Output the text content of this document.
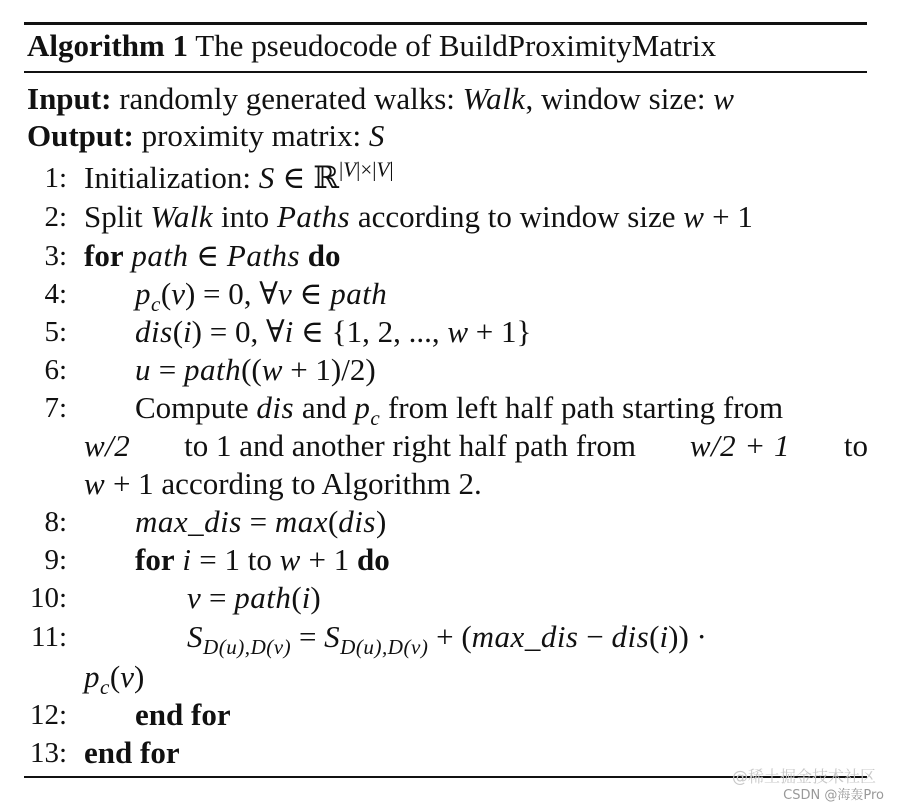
Algorithm 1 The pseudocode of BuildProximityMatrix
Input: randomly generated walks: Walk, window size: w
Output: proximity matrix: S
1: Initialization: S ∈ ℝ$^{|V|\times|V|}$
2: Split Walk into Paths according to window size w + 1
3: for path ∈ Paths do
4: $p_c(v) = 0$, ∀v ∈ path
5: dis(i) = 0, ∀i ∈ {1, 2, ..., w + 1}
6: u = path((w + 1)/2)
7: Compute dis and $p_c$ from left half path starting from
w/2 to 1 and another right half path from w/2 + 1 to
w + 1 according to Algorithm 2.
8: max_dis = max(dis)
9: for i = 1 to w + 1 do
10:	v = path(i)
11:	$S_{D(u),D(v)} = S_{D(u),D(v)}$ + (max_dis − dis(i)) ·
$p_c(v)$
12: end for
13: end for
@稀土掘金技术社区
CSDN @海轰Pro
